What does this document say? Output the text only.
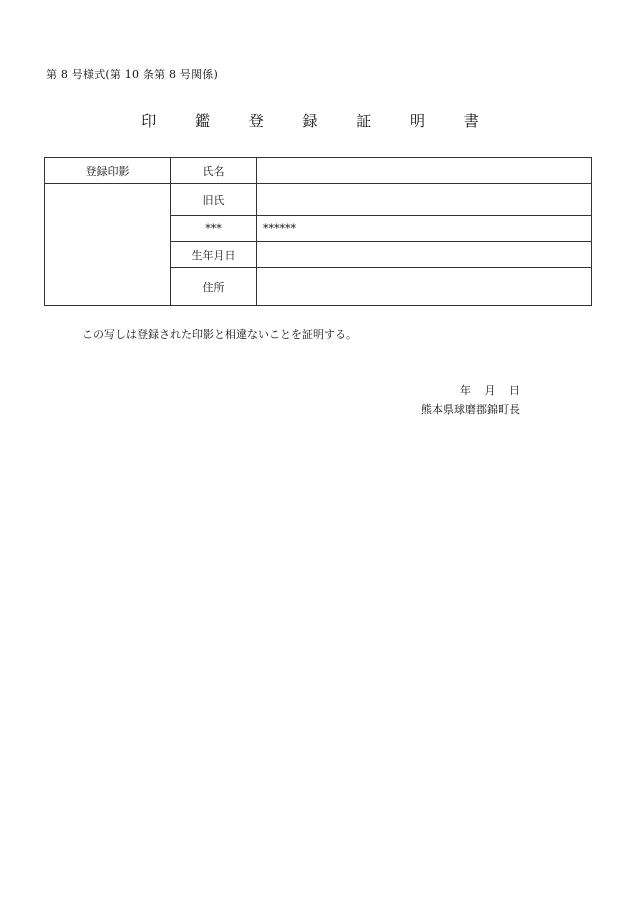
第 8 号様式(第 10 条第 8 号関係)
印 鑑 登 録 証 明 書
登録印影	氏名	
	旧氏	
	***	******
	生年月日	
	住所	
この写しは登録された印影と相違ないことを証明する。
年 月 日
熊本県球磨郡錦町長
